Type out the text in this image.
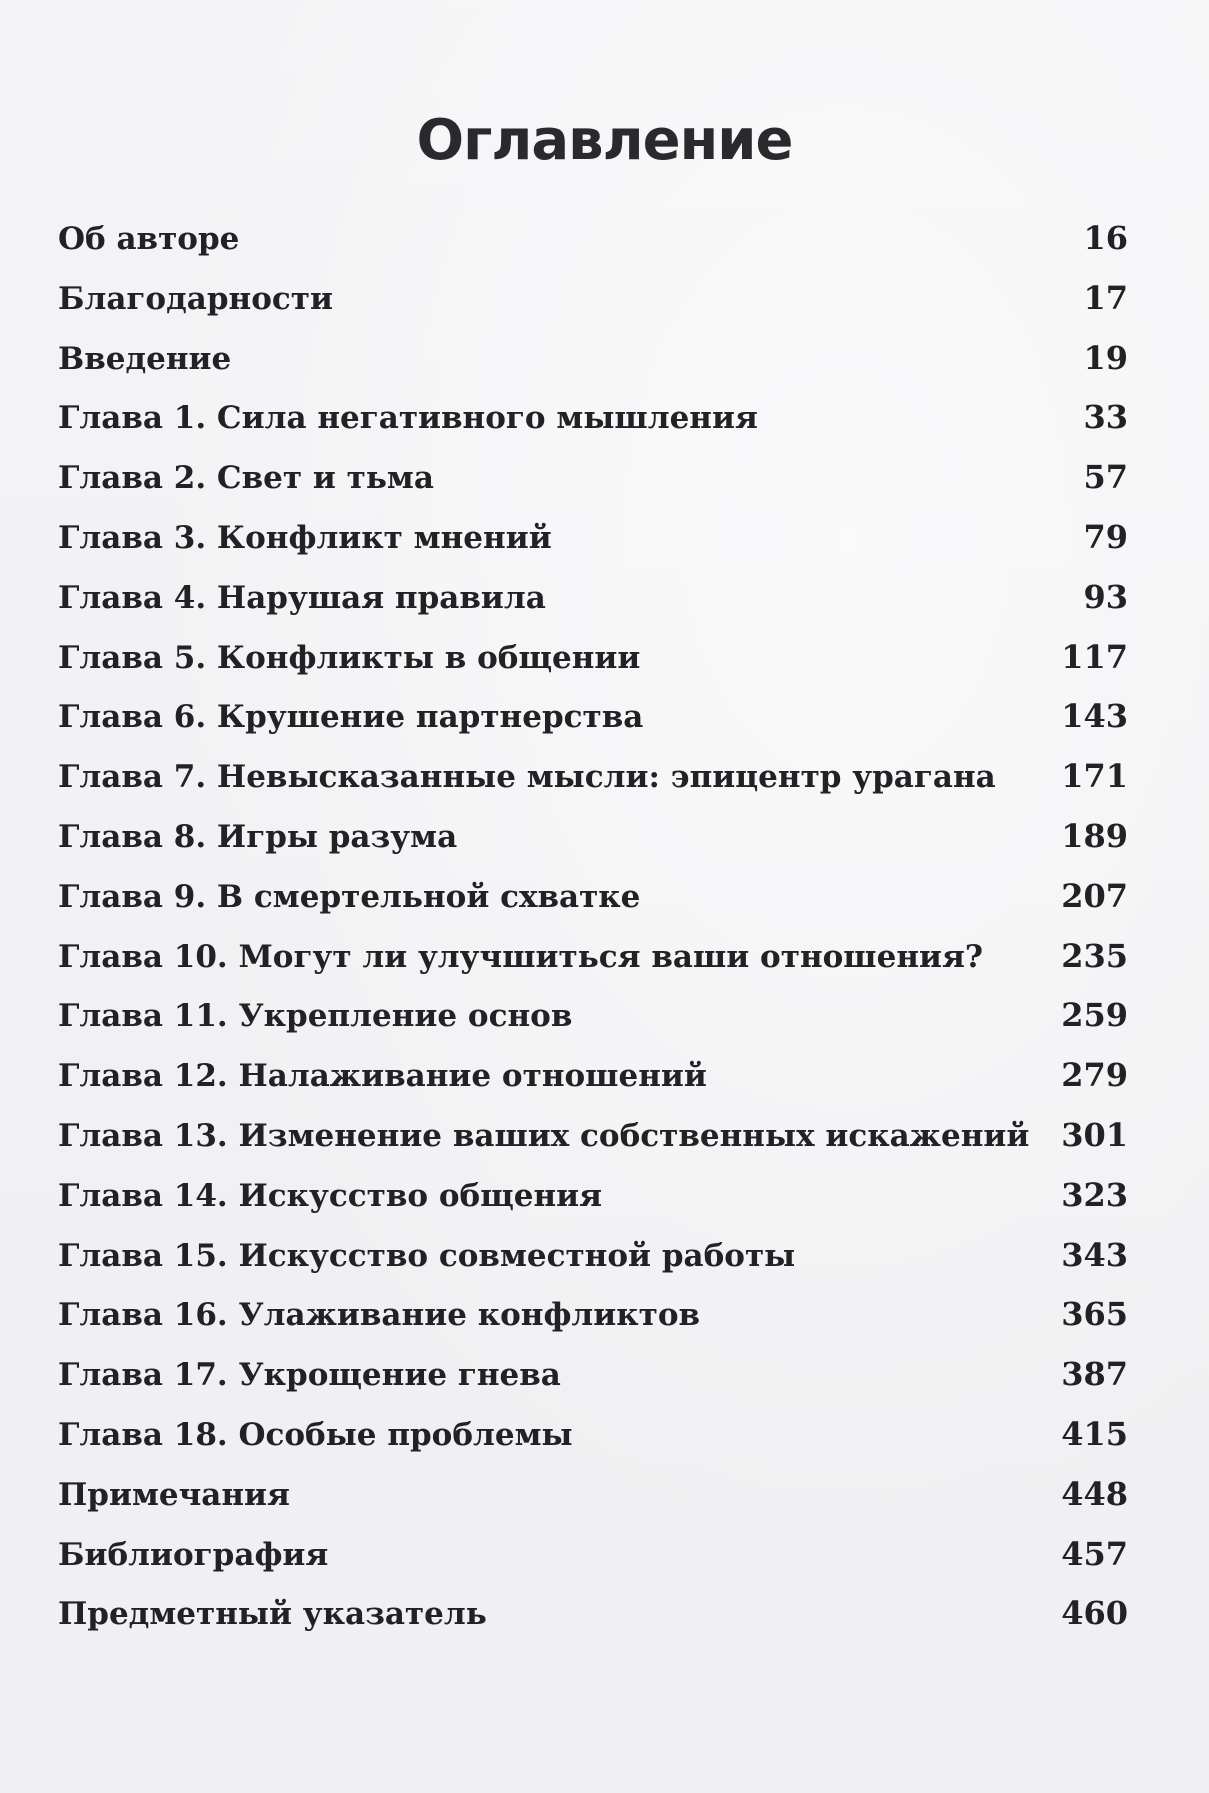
Оглавление
Об авторе	16
Благодарности	17
Введение	19
Глава 1. Сила негативного мышления	33
Глава 2. Свет и тьма	57
Глава 3. Конфликт мнений	79
Глава 4. Нарушая правила	93
Глава 5. Конфликты в общении	117
Глава 6. Крушение партнерства	143
Глава 7. Невысказанные мысли: эпицентр урагана	171
Глава 8. Игры разума	189
Глава 9. В смертельной схватке	207
Глава 10. Могут ли улучшиться ваши отношения?	235
Глава 11. Укрепление основ	259
Глава 12. Налаживание отношений	279
Глава 13. Изменение ваших собственных искажений 301
Глава 14. Искусство общения	323
Глава 15. Искусство совместной работы	343
Глава 16. Улаживание конфликтов	365
Глава 17. Укрощение гнева	387
Глава 18. Особые проблемы	415
Примечания	448
Библиография	457
Предметный указатель	460
